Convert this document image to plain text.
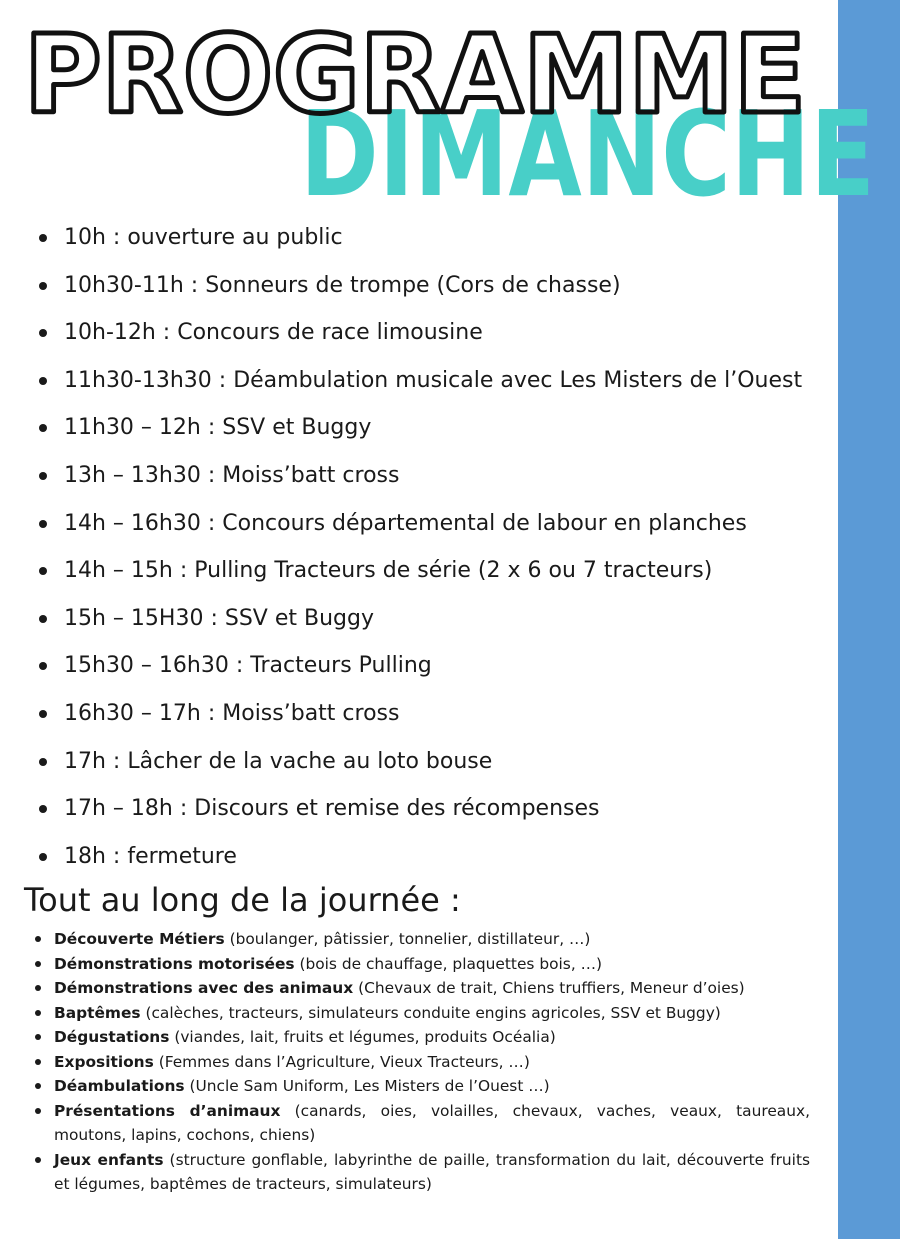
DIMANCHE
PROGRAMME
10h : ouverture au public
10h30-11h : Sonneurs de trompe (Cors de chasse)
10h-12h : Concours de race limousine
11h30-13h30 : Déambulation musicale avec Les Misters de l’Ouest
11h30 – 12h : SSV et Buggy
13h – 13h30 : Moiss’batt cross
14h – 16h30 : Concours départemental de labour en planches
14h – 15h : Pulling Tracteurs de série (2 x 6 ou 7 tracteurs)
15h – 15H30 : SSV et Buggy
15h30 – 16h30 : Tracteurs Pulling
16h30 – 17h : Moiss’batt cross
17h : Lâcher de la vache au loto bouse
17h – 18h : Discours et remise des récompenses
18h : fermeture
Tout au long de la journée :
Découverte Métiers (boulanger, pâtissier, tonnelier, distillateur, …)
Démonstrations motorisées (bois de chauffage, plaquettes bois, …)
Démonstrations avec des animaux (Chevaux de trait, Chiens truffiers, Meneur d’oies)
Baptêmes (calèches, tracteurs, simulateurs conduite engins agricoles, SSV et Buggy)
Dégustations (viandes, lait, fruits et légumes, produits Océalia)
Expositions (Femmes dans l’Agriculture, Vieux Tracteurs, …)
Déambulations (Uncle Sam Uniform, Les Misters de l’Ouest …)
Présentations d’animaux (canards, oies, volailles, chevaux, vaches, veaux, taureaux, moutons, lapins, cochons, chiens)
Jeux enfants (structure gonflable, labyrinthe de paille, transformation du lait, découverte fruits et légumes, baptêmes de tracteurs, simulateurs)
